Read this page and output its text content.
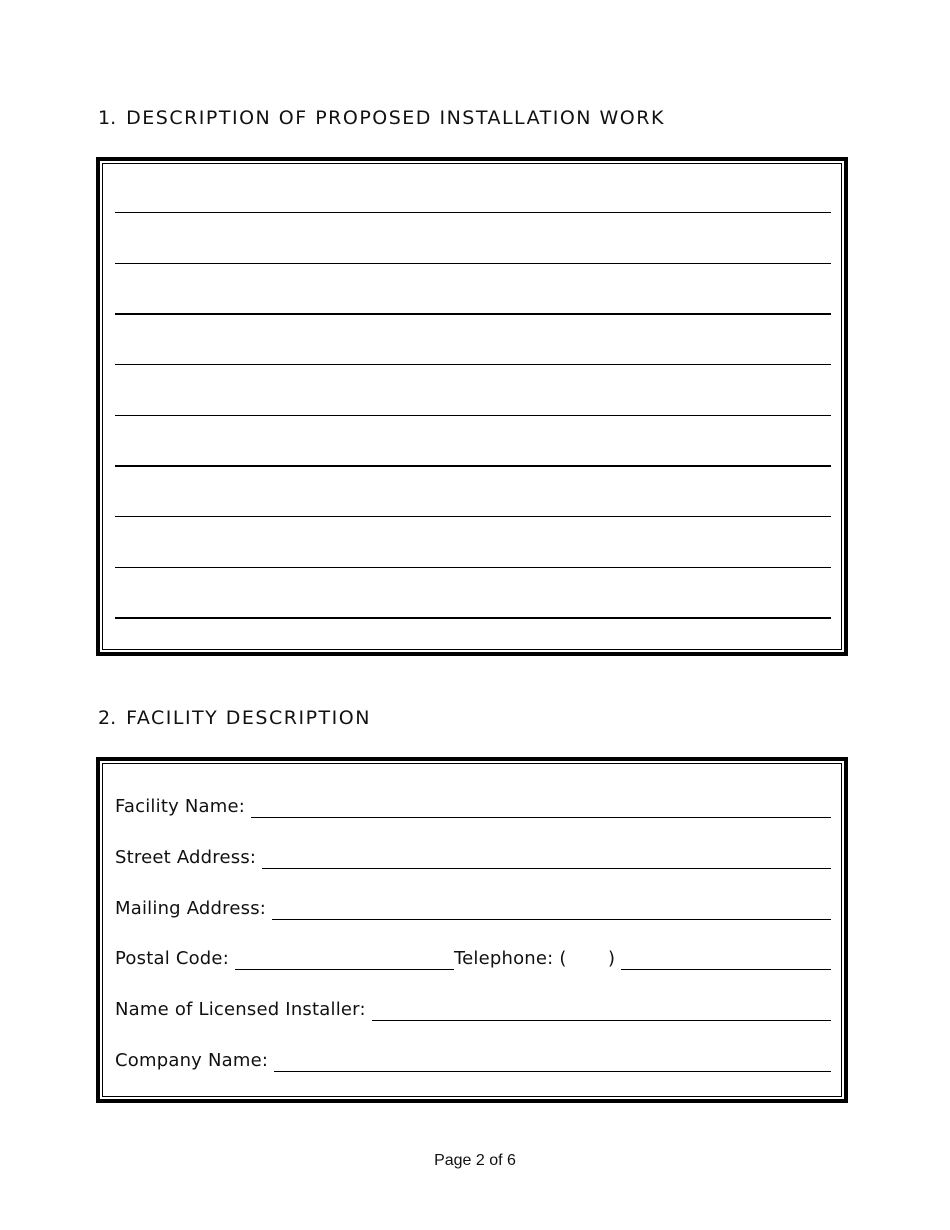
1. DESCRIPTION OF PROPOSED INSTALLATION WORK
2. FACILITY DESCRIPTION
Facility Name:
Street Address:
Mailing Address:
Postal Code:	Telephone: (       )
Name of Licensed Installer:
Company Name:
Page 2 of 6
